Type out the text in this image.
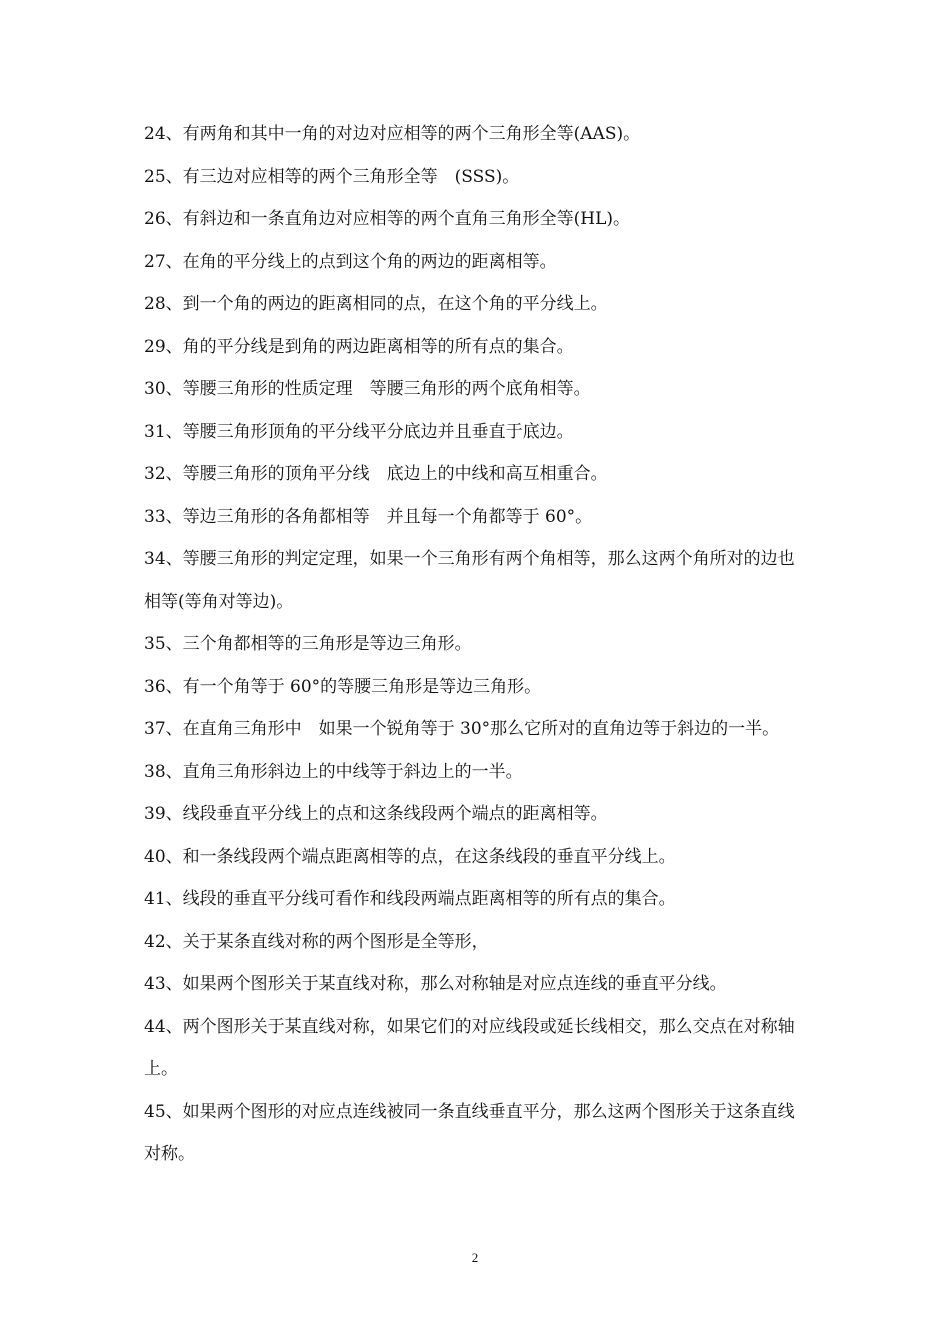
24、有两角和其中一角的对边对应相等的两个三角形全等(AAS)。

25、有三边对应相等的两个三角形全等　(SSS)。

26、有斜边和一条直角边对应相等的两个直角三角形全等(HL)。

27、在角的平分线上的点到这个角的两边的距离相等。

28、到一个角的两边的距离相同的点，在这个角的平分线上。

29、角的平分线是到角的两边距离相等的所有点的集合。

30、等腰三角形的性质定理　等腰三角形的两个底角相等。

31、等腰三角形顶角的平分线平分底边并且垂直于底边。

32、等腰三角形的顶角平分线　底边上的中线和高互相重合。

33、等边三角形的各角都相等　并且每一个角都等于 60°。

34、等腰三角形的判定定理，如果一个三角形有两个角相等，那么这两个角所对的边也相等(等角对等边)。

35、三个角都相等的三角形是等边三角形。

36、有一个角等于 60°的等腰三角形是等边三角形。

37、在直角三角形中　如果一个锐角等于 30°那么它所对的直角边等于斜边的一半。

38、直角三角形斜边上的中线等于斜边上的一半。

39、线段垂直平分线上的点和这条线段两个端点的距离相等。

40、和一条线段两个端点距离相等的点，在这条线段的垂直平分线上。

41、线段的垂直平分线可看作和线段两端点距离相等的所有点的集合。

42、关于某条直线对称的两个图形是全等形，

43、如果两个图形关于某直线对称，那么对称轴是对应点连线的垂直平分线。

44、两个图形关于某直线对称，如果它们的对应线段或延长线相交，那么交点在对称轴上。

45、如果两个图形的对应点连线被同一条直线垂直平分，那么这两个图形关于这条直线对称。

2
